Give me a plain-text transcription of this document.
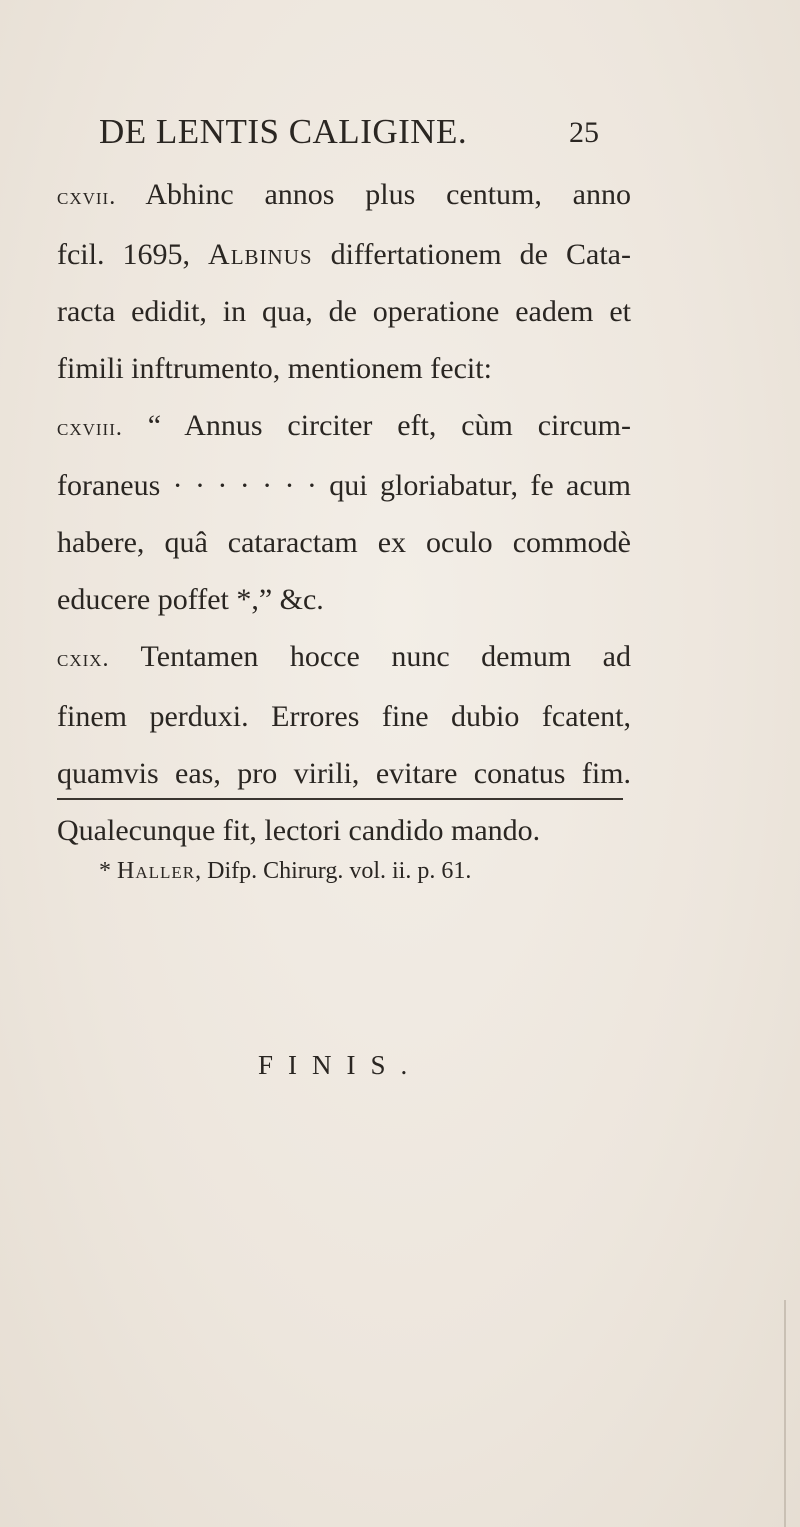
DE LENTIS CALIGINE.	25
cxvii. Abhinc annos plus centum, anno
fcil. 1695, Albinus differtationem de Cata-
racta edidit, in qua, de operatione eadem et
fimili inftrumento, mentionem fecit:
cxviii. “ Annus circiter eft, cùm circum-
foraneus · · · · · · · qui gloriabatur, fe acum
habere, quâ cataractam ex oculo commodè
educere poffet *,” &c.
cxix. Tentamen hocce nunc demum ad
finem perduxi. Errores fine dubio fcatent,
quamvis eas, pro virili, evitare conatus fim.
Qualecunque fit, lectori candido mando.
* Haller, Difp. Chirurg. vol. ii. p. 61.
FINIS.
